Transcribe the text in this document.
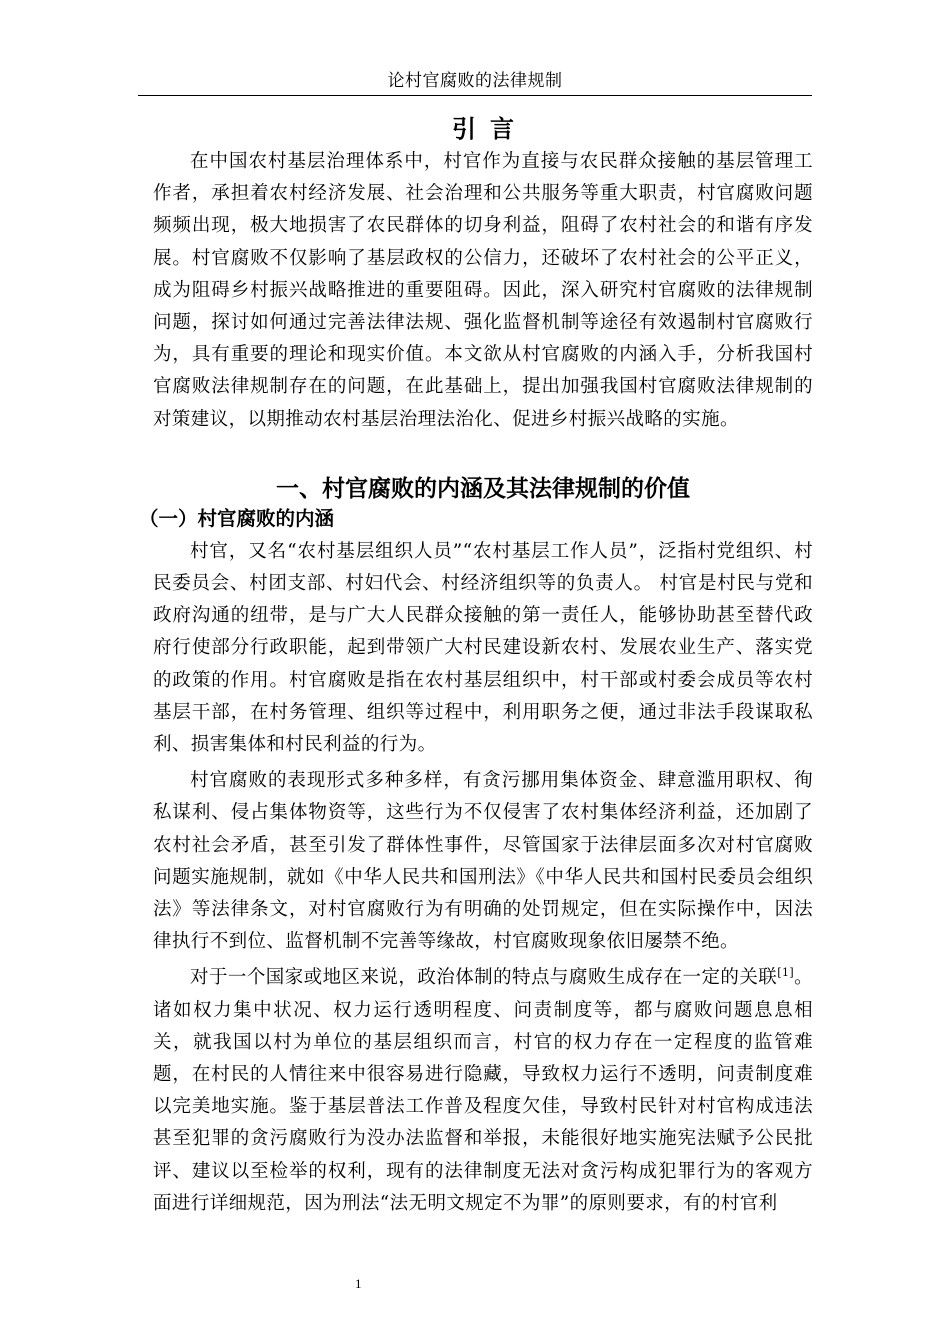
论村官腐败的法律规制
引言

在中国农村基层治理体系中，村官作为直接与农民群众接触的基层管理工作者，承担着农村经济发展、社会治理和公共服务等重大职责，村官腐败问题频频出现，极大地损害了农民群体的切身利益，阻碍了农村社会的和谐有序发展。村官腐败不仅影响了基层政权的公信力，还破坏了农村社会的公平正义，成为阻碍乡村振兴战略推进的重要阻碍。因此，深入研究村官腐败的法律规制问题，探讨如何通过完善法律法规、强化监督机制等途径有效遏制村官腐败行为，具有重要的理论和现实价值。本文欲从村官腐败的内涵入手，分析我国村官腐败法律规制存在的问题，在此基础上，提出加强我国村官腐败法律规制的对策建议，以期推动农村基层治理法治化、促进乡村振兴战略的实施。

一、村官腐败的内涵及其法律规制的价值
（一）村官腐败的内涵

村官，又名“农村基层组织人员”“农村基层工作人员”，泛指村党组织、村民委员会、村团支部、村妇代会、村经济组织等的负责人。 村官是村民与党和政府沟通的纽带，是与广大人民群众接触的第一责任人，能够协助甚至替代政府行使部分行政职能，起到带领广大村民建设新农村、发展农业生产、落实党的政策的作用。村官腐败是指在农村基层组织中，村干部或村委会成员等农村基层干部，在村务管理、组织等过程中，利用职务之便，通过非法手段谋取私利、损害集体和村民利益的行为。

村官腐败的表现形式多种多样，有贪污挪用集体资金、肆意滥用职权、徇私谋利、侵占集体物资等，这些行为不仅侵害了农村集体经济利益，还加剧了农村社会矛盾，甚至引发了群体性事件，尽管国家于法律层面多次对村官腐败问题实施规制，就如《中华人民共和国刑法》《中华人民共和国村民委员会组织法》等法律条文，对村官腐败行为有明确的处罚规定，但在实际操作中，因法律执行不到位、监督机制不完善等缘故，村官腐败现象依旧屡禁不绝。

对于一个国家或地区来说，政治体制的特点与腐败生成存在一定的关联[1]。诸如权力集中状况、权力运行透明程度、问责制度等，都与腐败问题息息相关，就我国以村为单位的基层组织而言，村官的权力存在一定程度的监管难题，在村民的人情往来中很容易进行隐藏，导致权力运行不透明，问责制度难以完美地实施。鉴于基层普法工作普及程度欠佳，导致村民针对村官构成违法甚至犯罪的贪污腐败行为没办法监督和举报，未能很好地实施宪法赋予公民批评、建议以至检举的权利，现有的法律制度无法对贪污构成犯罪行为的客观方面进行详细规范，因为刑法“法无明文规定不为罪”的原则要求，有的村官利

1
